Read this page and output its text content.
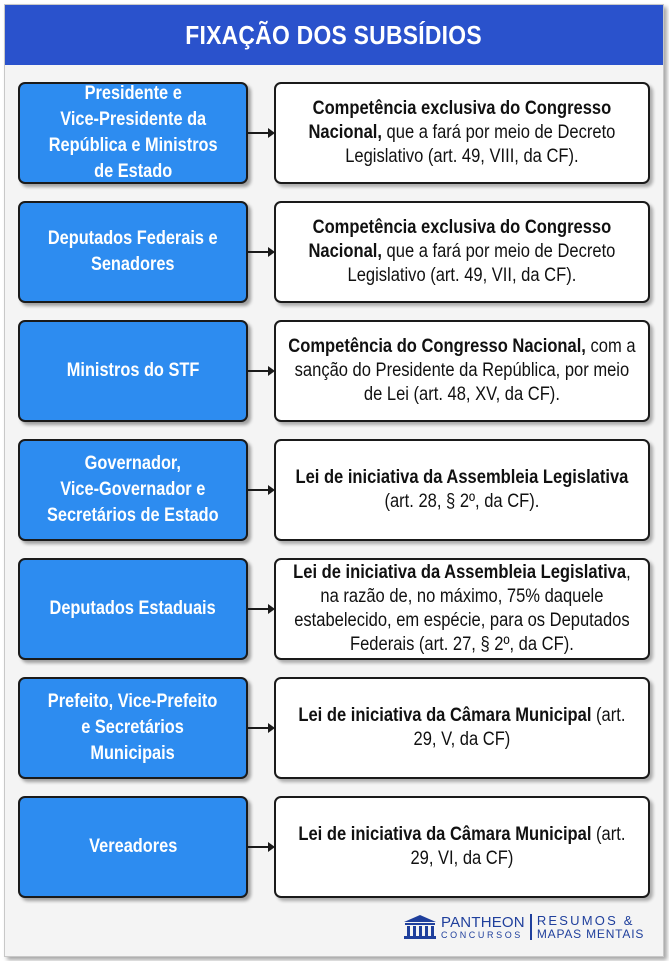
FIXAÇÃO DOS SUBSÍDIOS
Presidente e
Vice-Presidente da
República e Ministros
de Estado
Competência exclusiva do Congresso Nacional, que a fará por meio de Decreto Legislativo (art. 49, VIII, da CF).
Deputados Federais e
Senadores
Competência exclusiva do Congresso Nacional, que a fará por meio de Decreto Legislativo (art. 49, VII, da CF).
Ministros do STF
Competência do Congresso Nacional, com a sanção do Presidente da República, por meio de Lei (art. 48, XV, da CF).
Governador,
Vice-Governador e
Secretários de Estado
Lei de iniciativa da Assembleia Legislativa
(art. 28, § 2º, da CF).
Deputados Estaduais
Lei de iniciativa da Assembleia Legislativa, na razão de, no máximo, 75% daquele estabelecido, em espécie, para os Deputados Federais (art. 27, § 2º, da CF).
Prefeito, Vice-Prefeito
e Secretários
Municipais
Lei de iniciativa da Câmara Municipal (art. 29, V, da CF)
Vereadores
Lei de iniciativa da Câmara Municipal (art. 29, VI, da CF)
PANTHEON
CONCURSOS
RESUMOS &
MAPAS MENTAIS
